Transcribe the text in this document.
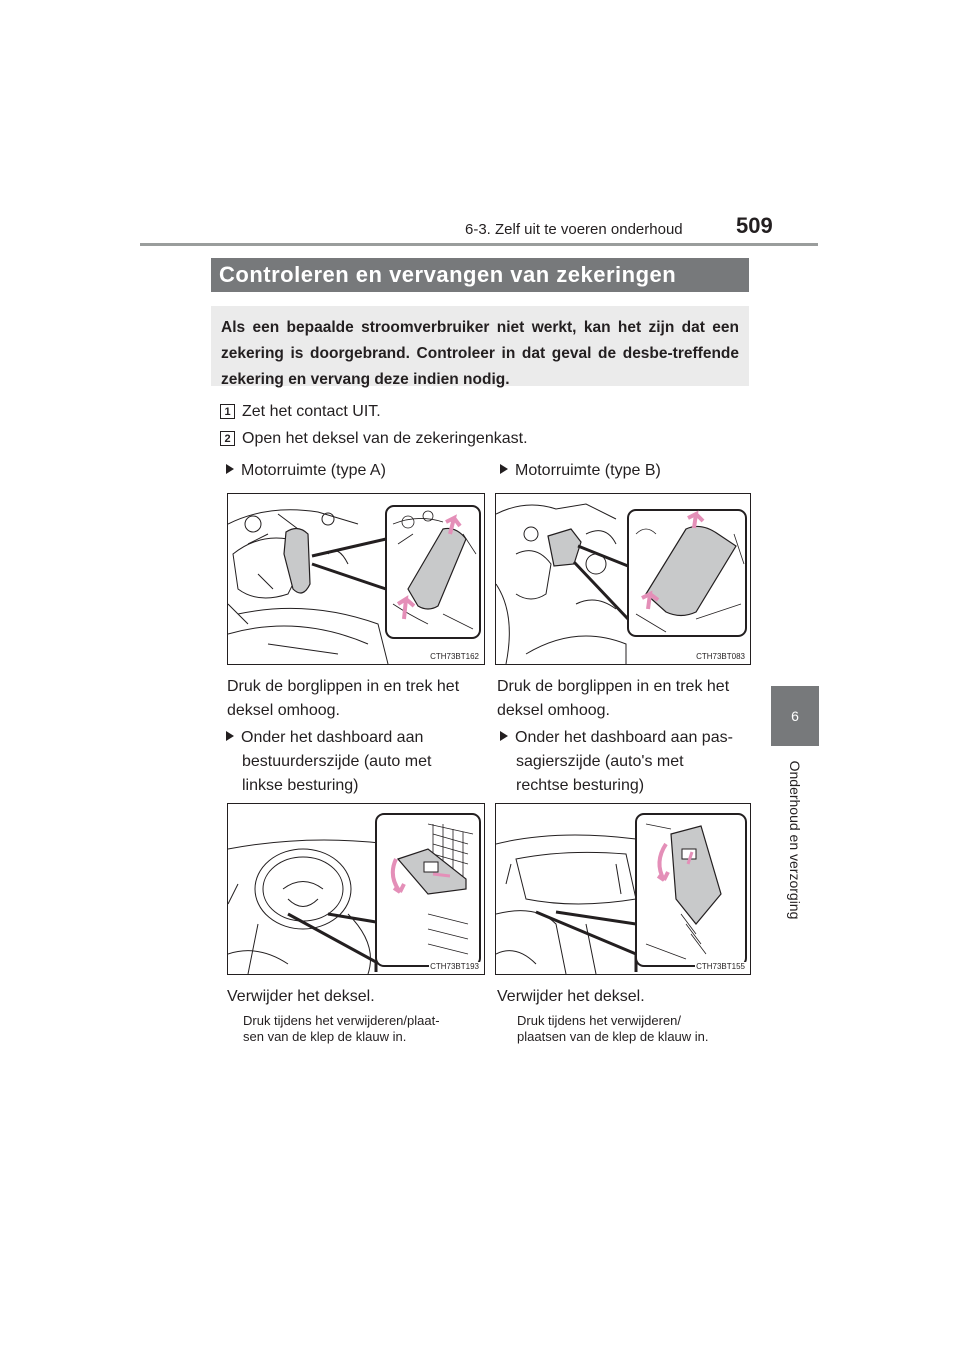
6-3. Zelf uit te voeren onderhoud 509
6
Onderhoud en verzorging
Controleren en vervangen van zekeringen
Als een bepaalde stroomverbruiker niet werkt, kan het zijn dat een zekering is doorgebrand. Controleer in dat geval de desbe-treffende zekering en vervang deze indien nodig.
1 Zet het contact UIT.
2 Open het deksel van de zekeringenkast.
Motorruimte (type A)	Motorruimte (type B)
CTH73BT162	CTH73BT083
Druk de borglippen in en trek het
deksel omhoog.
Druk de borglippen in en trek het
deksel omhoog.
Onder het dashboard aan
bestuurderszijde (auto met
linkse besturing)
Onder het dashboard aan pas-
sagierszijde (auto's met
rechtse besturing)
CTH73BT193	CTH73BT155
Verwijder het deksel.
Druk tijdens het verwijderen/plaat-
sen van de klep de klauw in.
Verwijder het deksel.
Druk tijdens het verwijderen/
plaatsen van de klep de klauw in.
